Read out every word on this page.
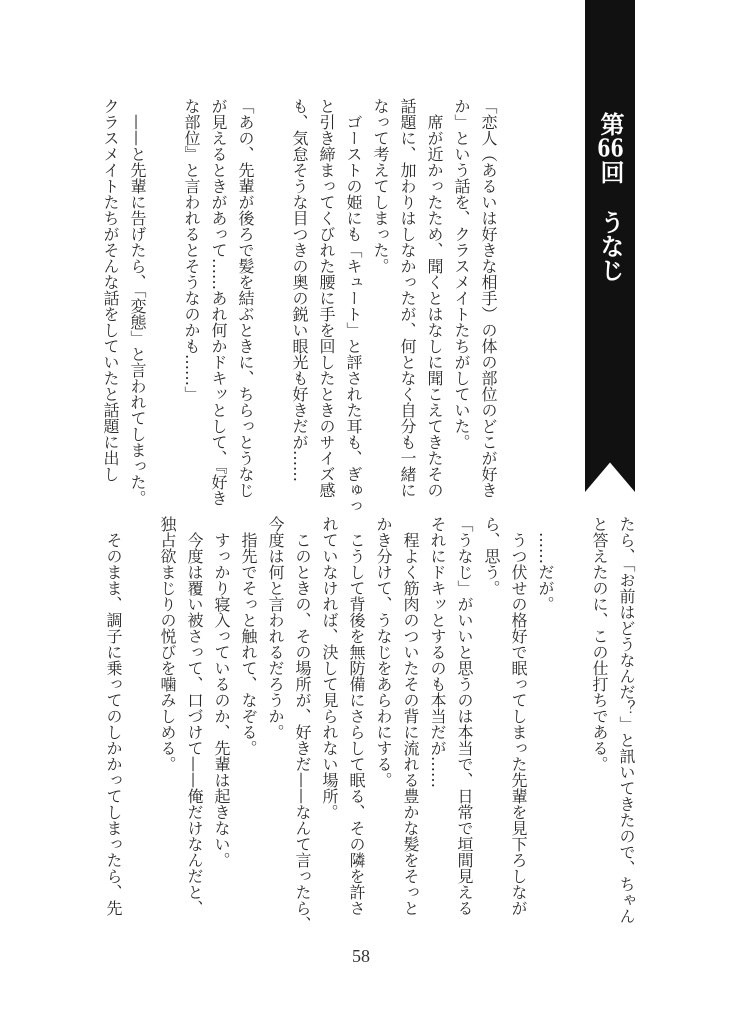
第66回うなじ
「恋人（あるいは好きな相手）の体の部位のどこが好き
か」という話を、クラスメイトたちがしていた。
　席が近かったため、聞くとはなしに聞こえてきたその
話題に、加わりはしなかったが、何となく自分も一緒に
なって考えてしまった。
　ゴーストの姫にも「キュート」と評された耳も、ぎゅっ
と引き締まってくびれた腰に手を回したときのサイズ感
も、気怠そうな目つきの奥の鋭い眼光も好きだが……
「あの、先輩が後ろで髪を結ぶときに、ちらっとうなじ
が見えるときがあって……あれ何かドキッとして、『好き
な部位』と言われるとそうなのかも……」
　——と先輩に告げたら、「変態」と言われてしまった。
クラスメイトたちがそんな話をしていたと話題に出し
たら、「お前はどうなんだ？」と訊いてきたので、ちゃん
と答えたのに、この仕打ちである。
　……だが。
　うつ伏せの格好で眠ってしまった先輩を見下ろしなが
ら、思う。
「うなじ」がいいと思うのは本当で、日常で垣間見える
それにドキッとするのも本当だが……
　程よく筋肉のついたその背に流れる豊かな髪をそっと
かき分けて、うなじをあらわにする。
　こうして背後を無防備にさらして眠る、その隣を許さ
れていなければ、決して見られない場所。
　このときの、その場所が、好きだ——なんて言ったら、
今度は何と言われるだろうか。
　指先でそっと触れて、なぞる。
　すっかり寝入っているのか、先輩は起きない。
　今度は覆い被さって、口づけて——俺だけなんだと、
独占欲まじりの悦びを噛みしめる。
　そのまま、調子に乗ってのしかかってしまったら、先
58
